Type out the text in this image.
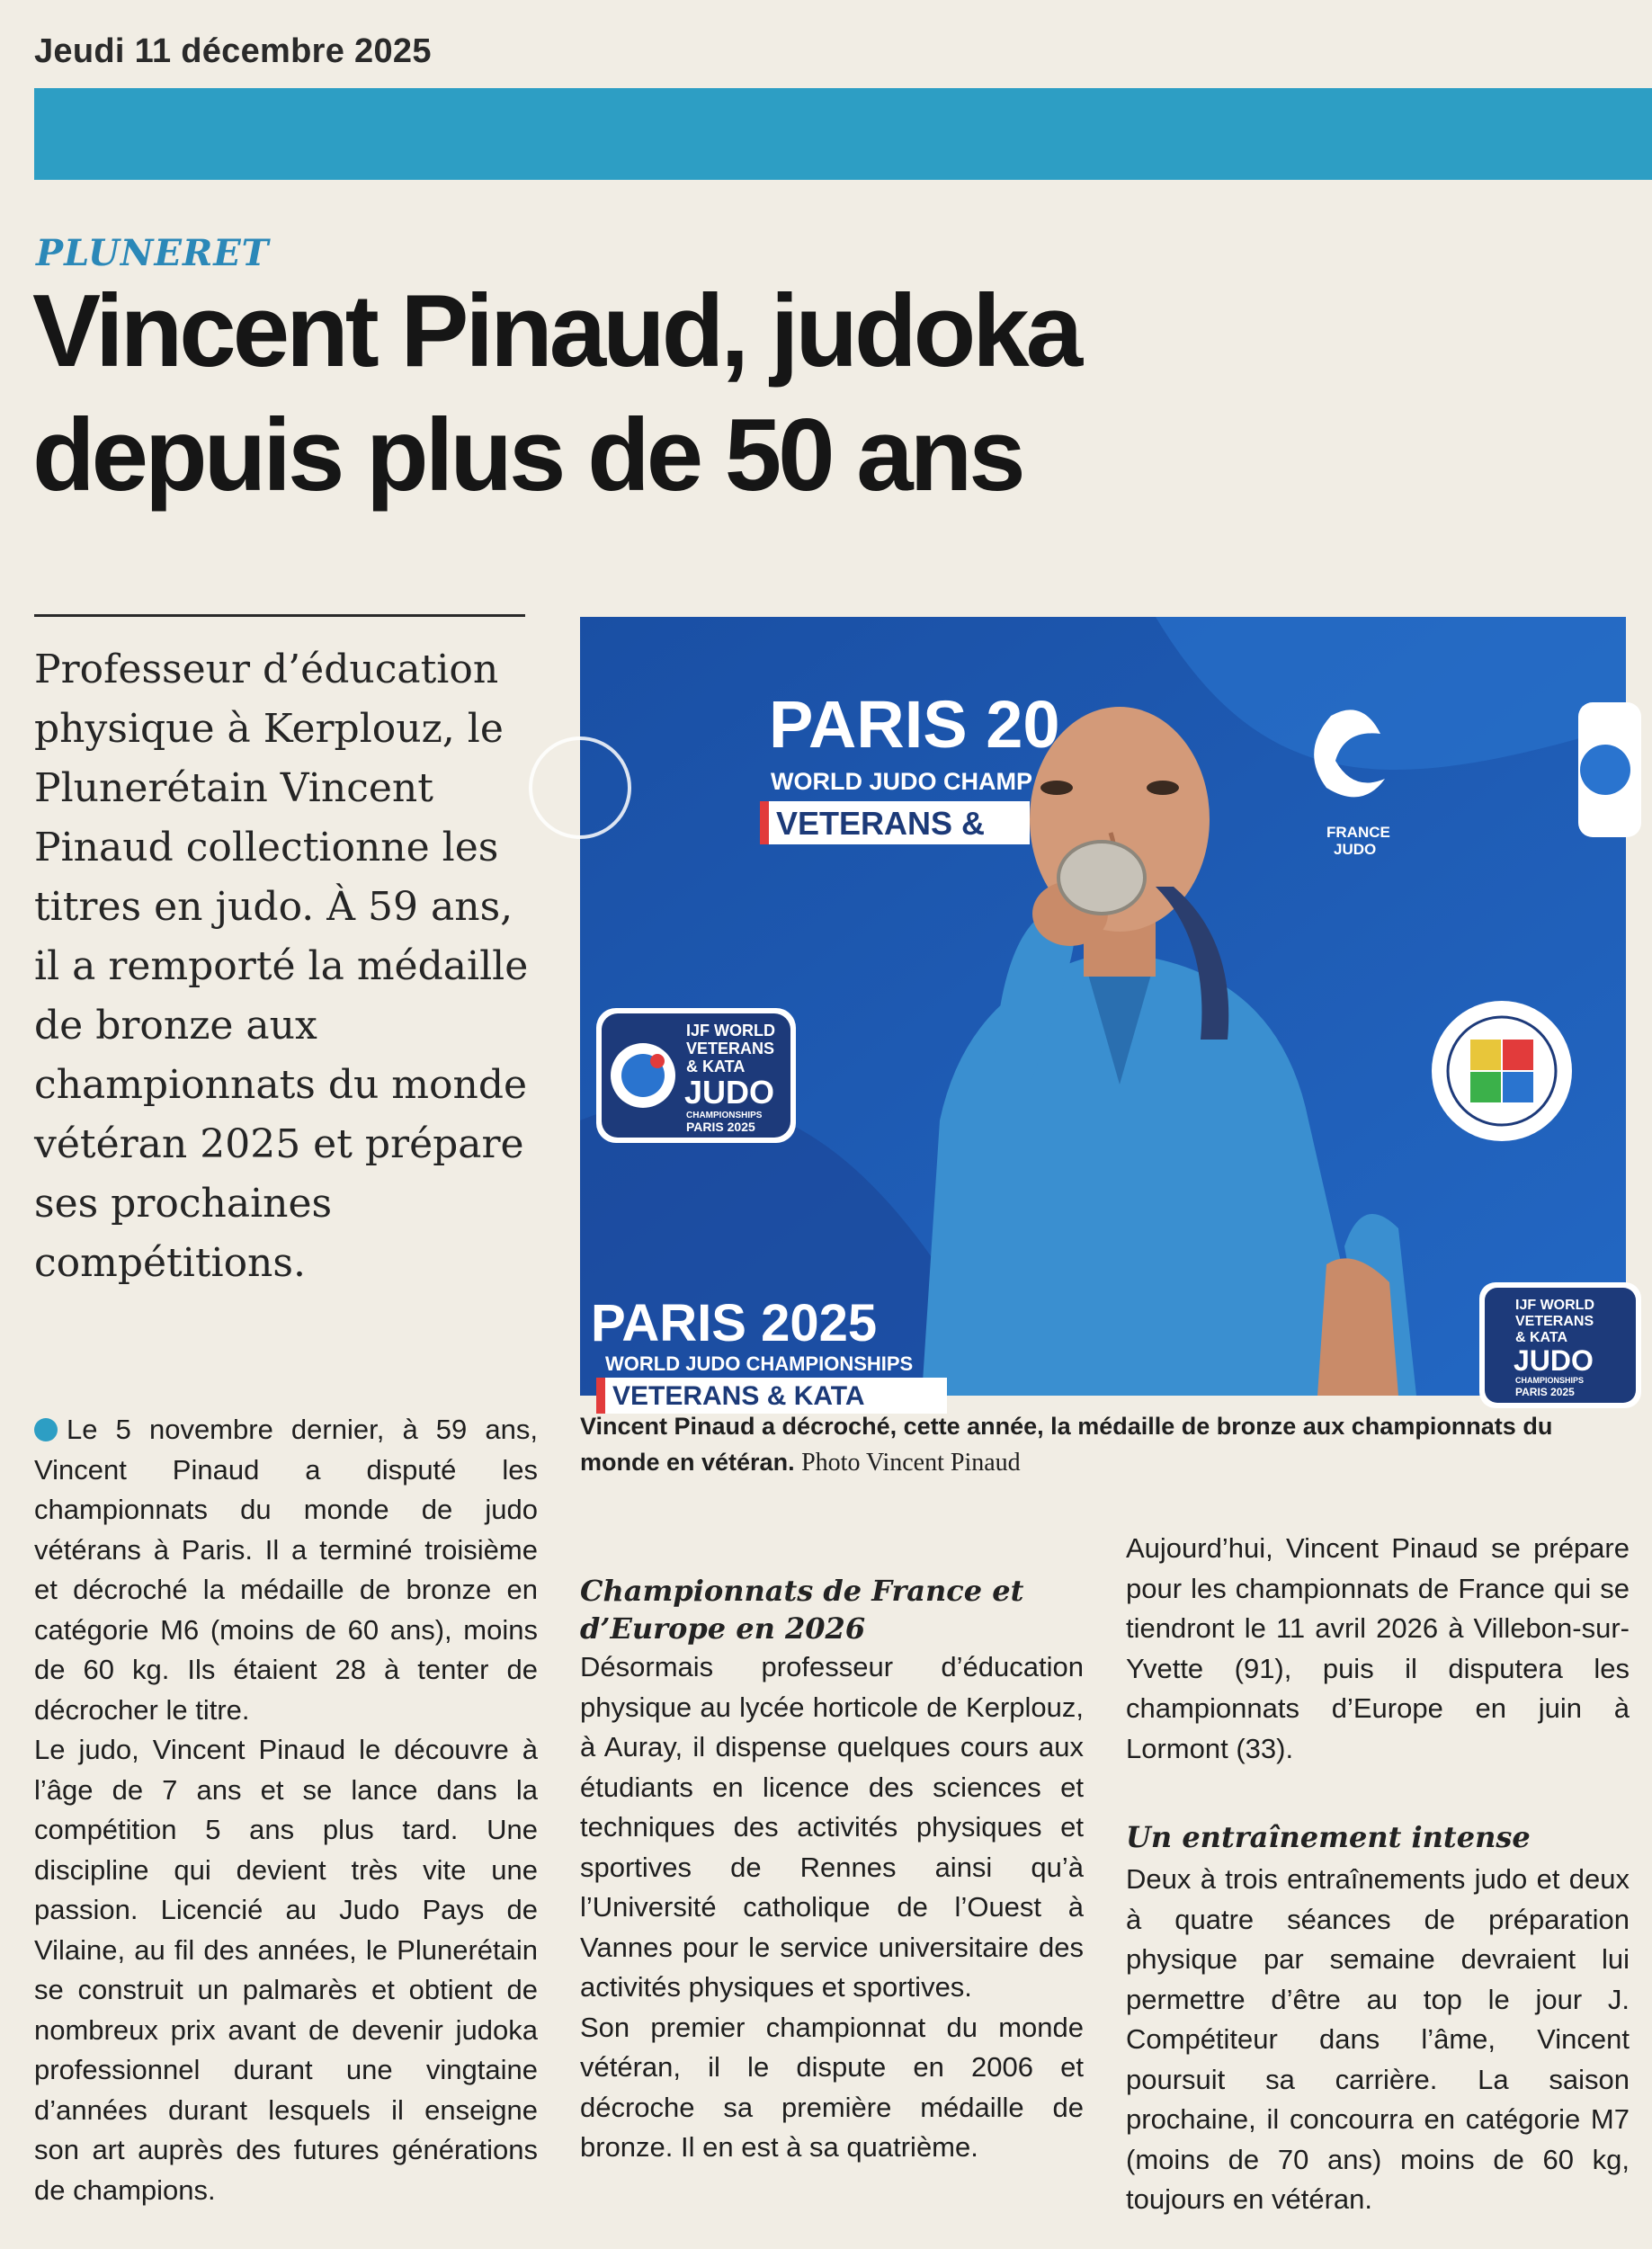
Jeudi 11 décembre 2025
PLUNERET
Vincent Pinaud, judoka depuis plus de 50 ans
Professeur d’éducation physique à Kerplouz, le Plunerétain Vincent Pinaud collectionne les titres en judo. À 59 ans, il a remporté la médaille de bronze aux championnats du monde vétéran 2025 et prépare ses prochaines compétitions.
PARIS 20
WORLD JUDO CHAMP
VETERANS &	FRANCE
JUDO
IJF WORLD
VETERANS
& KATA
JUDO
CHAMPIONSHIPS
PARIS 2025
PARIS 2025
WORLD JUDO CHAMPIONSHIPS
VETERANS & KATA
IJF WORLD
VETERANS
& KATA
JUDO
CHAMPIONSHIPS
PARIS 2025
Vincent Pinaud a décroché, cette année, la médaille de bronze aux championnats du monde en vétéran. Photo Vincent Pinaud

Le 5 novembre dernier, à 59 ans, Vincent Pinaud a disputé les championnats du monde de judo vétérans à Paris. Il a terminé troisième et décroché la médaille de bronze en catégorie M6 (moins de 60 ans), moins de 60 kg. Ils étaient 28 à tenter de décrocher le titre.

Le judo, Vincent Pinaud le découvre à l’âge de 7 ans et se lance dans la compétition 5 ans plus tard. Une discipline qui devient très vite une passion. Licencié au Judo Pays de Vilaine, au fil des années, le Plunerétain se construit un palmarès et obtient de nombreux prix avant de devenir judoka professionnel durant une vingtaine d’années durant lesquels il enseigne son art auprès des futures générations de champions.

Championnats de France et d’Europe en 2026

Désormais professeur d’éducation physique au lycée horticole de Kerplouz, à Auray, il dispense quelques cours aux étudiants en licence des sciences et techniques des activités physiques et sportives de Rennes ainsi qu’à l’Université catholique de l’Ouest à Vannes pour le service universitaire des activités physiques et sportives.

Son premier championnat du monde vétéran, il le dispute en 2006 et décroche sa première médaille de bronze. Il en est à sa quatrième.

Aujourd’hui, Vincent Pinaud se prépare pour les championnats de France qui se tiendront le 11 avril 2026 à Villebon-sur-Yvette (91), puis il disputera les championnats d’Europe en juin à Lormont (33).

Un entraînement intense

Deux à trois entraînements judo et deux à quatre séances de préparation physique par semaine devraient lui permettre d’être au top le jour J. Compétiteur dans l’âme, Vincent poursuit sa carrière. La saison prochaine, il concourra en catégorie M7 (moins de 70 ans) moins de 60 kg, toujours en vétéran.
